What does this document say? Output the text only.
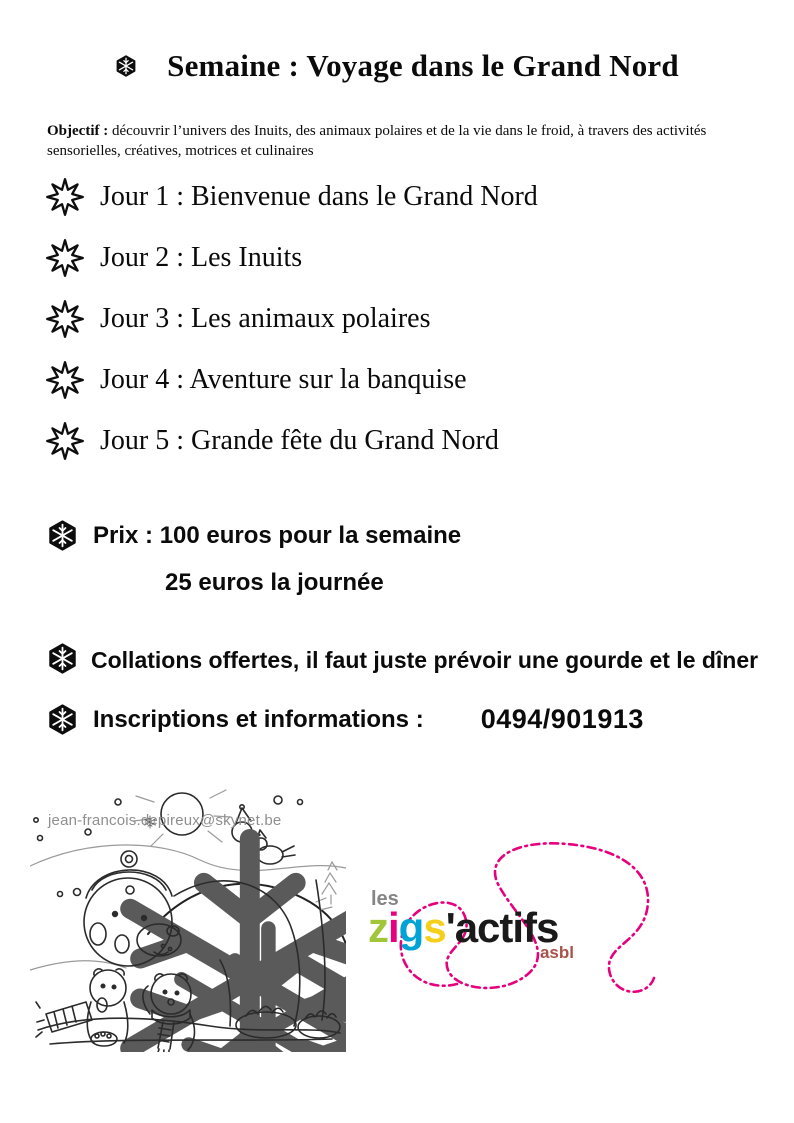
Semaine : Voyage dans le Grand Nord

Objectif : découvrir l’univers des Inuits, des animaux polaires et de la vie dans le froid, à travers des activités sensorielles, créatives, motrices et culinaires

Jour 1 : Bienvenue dans le Grand Nord
Jour 2 : Les Inuits
Jour 3 : Les animaux polaires
Jour 4 : Aventure sur la banquise
Jour 5 : Grande fête du Grand Nord
Prix : 100 euros pour la semaine
25 euros la journée

Collations offertes, il faut juste prévoir une gourde et le dîner

Inscriptions et informations : 0494/901913
jean-francois.depireux@skynet.be
les
zigs'actifs
asbl
